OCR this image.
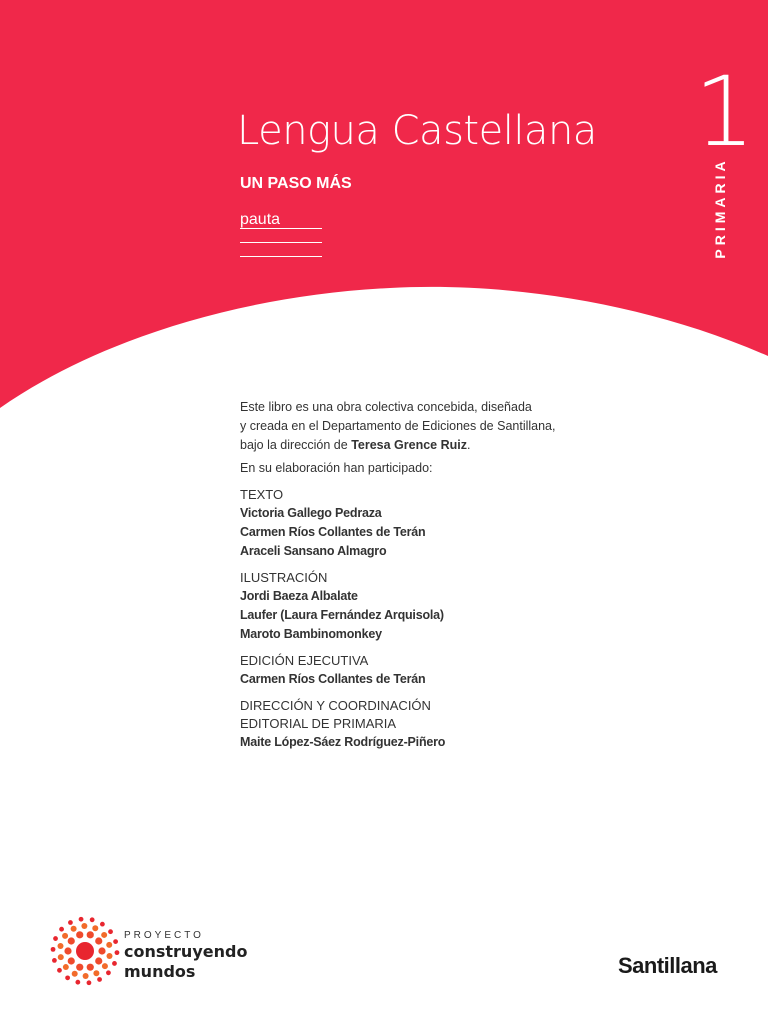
Lengua Castellana
UN PASO MÁS
pauta
1
PRIMARIA

Este libro es una obra colectiva concebida, diseñada
y creada en el Departamento de Ediciones de Santillana,
bajo la dirección de Teresa Grence Ruiz.

En su elaboración han participado:

TEXTO

Victoria Gallego Pedraza

Carmen Ríos Collantes de Terán

Araceli Sansano Almagro

ILUSTRACIÓN

Jordi Baeza Albalate

Laufer (Laura Fernández Arquisola)

Maroto Bambinomonkey

EDICIÓN EJECUTIVA

Carmen Ríos Collantes de Terán

DIRECCIÓN Y COORDINACIÓN

EDITORIAL DE PRIMARIA

Maite López-Sáez Rodríguez-Piñero

PROYECTO
construyendo
mundos	Santillana
